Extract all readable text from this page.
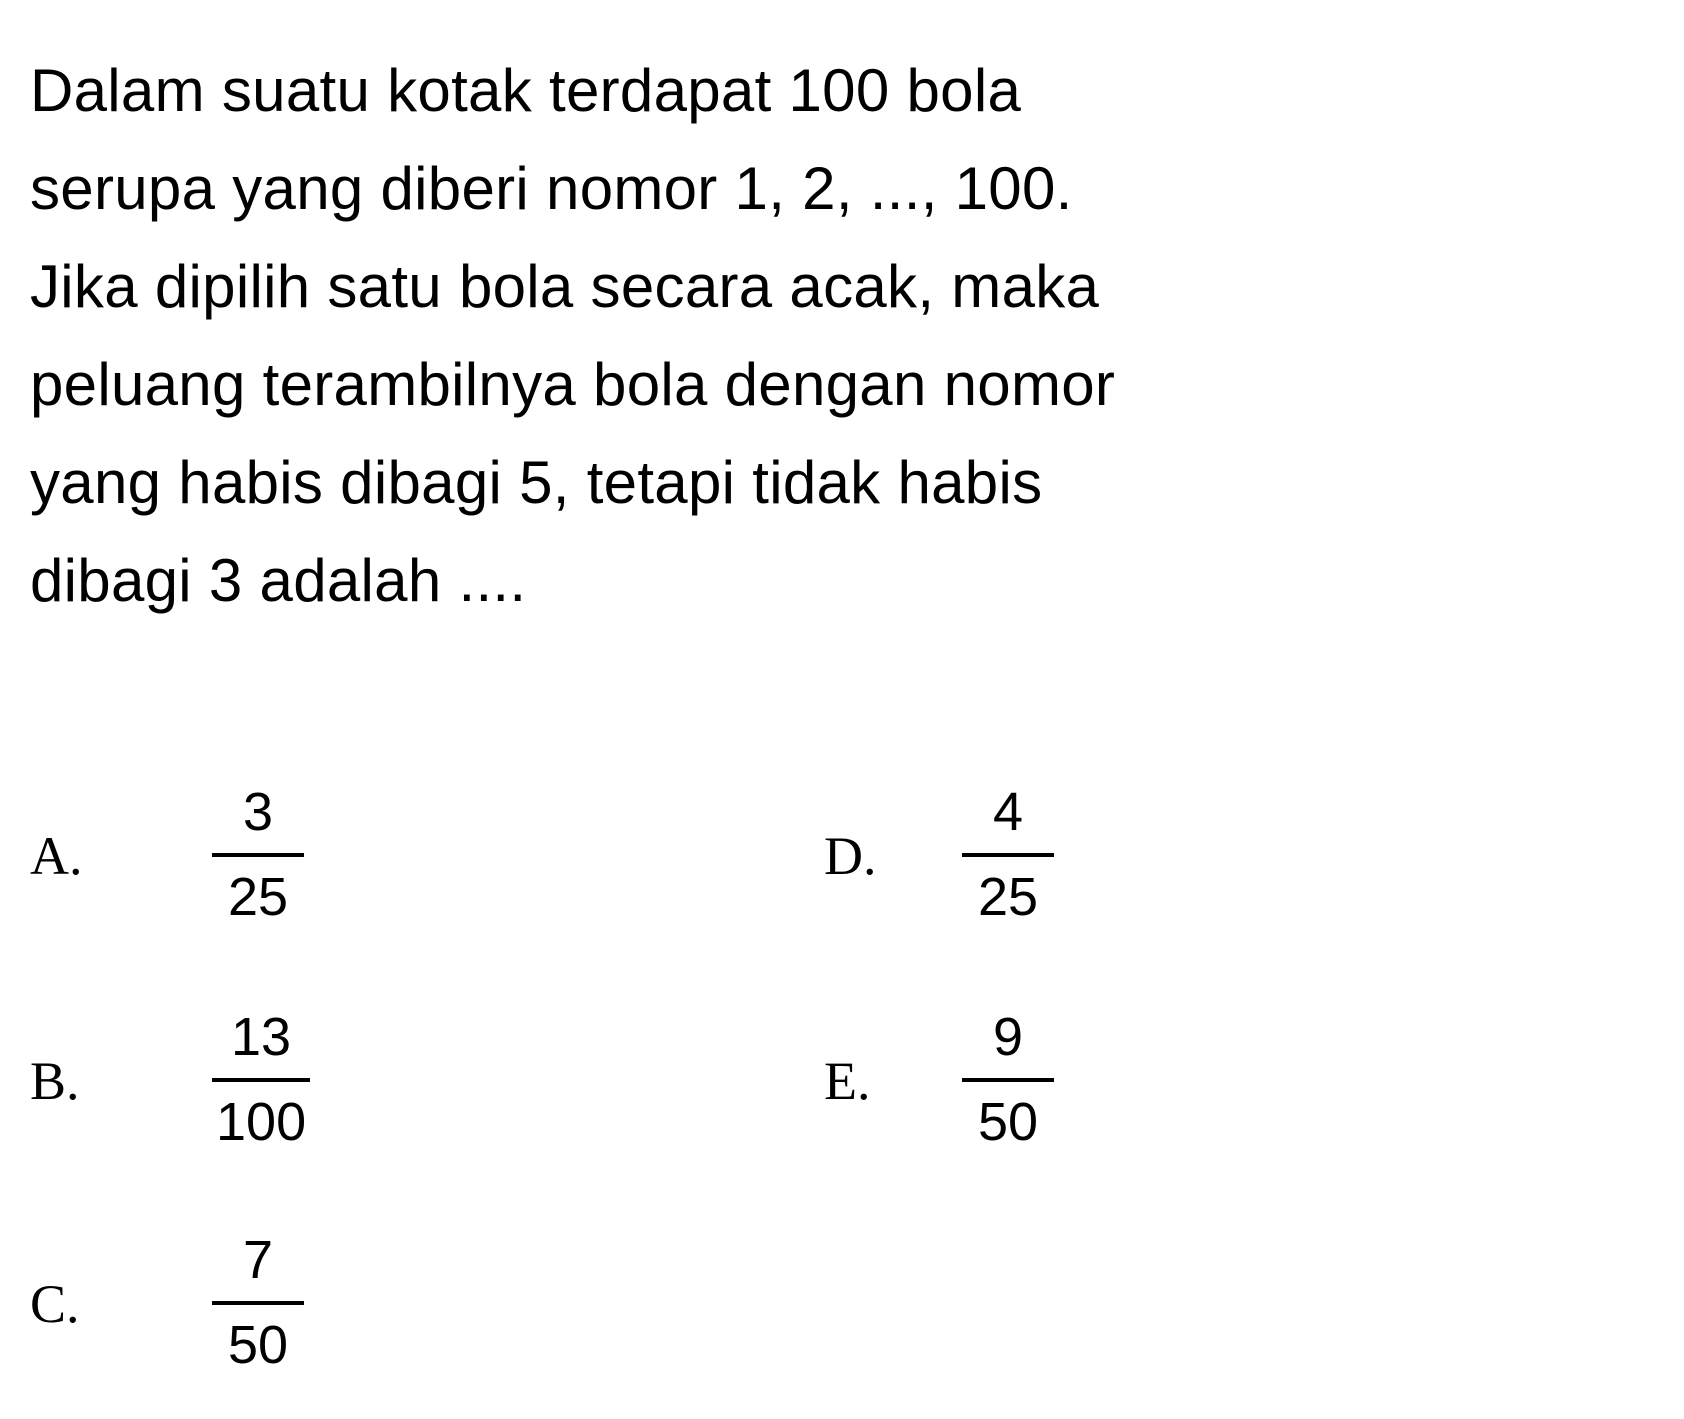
Dalam suatu kotak terdapat 100 bola
serupa yang diberi nomor 1, 2, ..., 100.
Jika dipilih satu bola secara acak, maka
peluang terambilnya bola dengan nomor
yang habis dibagi 5, tetapi tidak habis
dibagi 3 adalah ....
A.
3
25
B.
13
100
C.
7
50
D.
4
25
E.
9
50
